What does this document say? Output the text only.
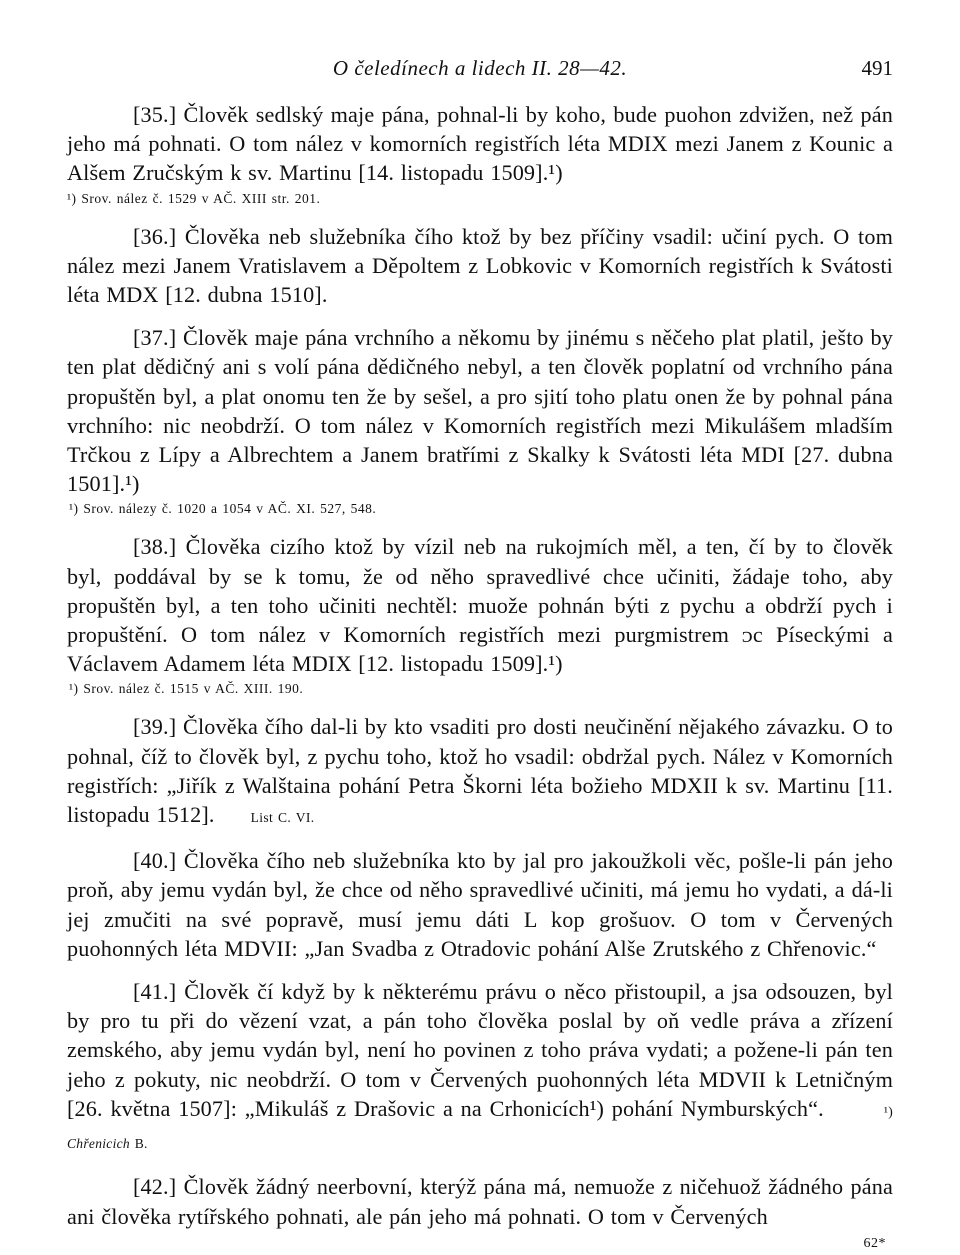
O čeledínech a lidech II. 28—42.	491

[35.] Člověk sedlský maje pána, pohnal-li by koho, bude puohon zdvižen, než pán jeho má pohnati. O tom nález v komorních registřích léta MDIX mezi Janem z Kounic a Alšem Zručským k sv. Martinu [14. listopadu 1509].¹)

¹) Srov. nález č. 1529 v AČ. XIII str. 201.

[36.] Člověka neb služebníka čího ktož by bez příčiny vsadil: učiní pych. O tom nález mezi Janem Vratislavem a Děpoltem z Lobkovic v Komorních registřích k Svátosti léta MDX [12. dubna 1510].

[37.] Člověk maje pána vrchního a někomu by jinému s něčeho plat platil, ješto by ten plat dědičný ani s volí pána dědičného nebyl, a ten člověk poplatní od vrchního pána propuštěn byl, a plat onomu ten že by sešel, a pro sjití toho platu onen že by pohnal pána vrchního: nic neobdrží. O tom nález v Komorních registřích mezi Mikulášem mladším Trčkou z Lípy a Albrechtem a Janem bratřími z Skalky k Svátosti léta MDI [27. dubna 1501].¹)

¹) Srov. nálezy č. 1020 a 1054 v AČ. XI. 527, 548.

[38.] Člověka cizího ktož by vízil neb na rukojmích měl, a ten, čí by to člověk byl, poddával by se k tomu, že od něho spravedlivé chce učiniti, žádaje toho, aby propuštěn byl, a ten toho učiniti nechtěl: muože pohnán býti z pychu a obdrží pych i propuštění. O tom nález v Komorních registřích mezi purgmistrem ᴐc Píseckými a Václavem Adamem léta MDIX [12. listopadu 1509].¹)

¹) Srov. nález č. 1515 v AČ. XIII. 190.

[39.] Člověka čího dal-li by kto vsaditi pro dosti neučinění nějakého závazku. O to pohnal, číž to člověk byl, z pychu toho, ktož ho vsadil: obdržal pych. Nález v Komorních registřích: „Jiřík z Walštaina pohání Petra Škorni léta božieho MDXII k sv. Martinu [11. listopadu 1512].	List C. VI.

[40.] Člověka čího neb služebníka kto by jal pro jakoužkoli věc, pošle-li pán jeho proň, aby jemu vydán byl, že chce od něho spravedlivé učiniti, má jemu ho vydati, a dá-li jej zmučiti na své popravě, musí jemu dáti L kop grošuov. O tom v Červených puohonných léta MDVII: „Jan Svadba z Otradovic pohání Alše Zrutského z Chřenovic.“

[41.] Člověk čí když by k některému právu o něco přistoupil, a jsa odsouzen, byl by pro tu při do vězení vzat, a pán toho člověka poslal by oň vedle práva a zřízení zemského, aby jemu vydán byl, není ho povinen z toho práva vydati; a požene-li pán ten jeho z pokuty, nic neobdrží. O tom v Červených puohonných léta MDVII k Letničným [26. května 1507]: „Mikuláš z Drašovic a na Crhonicích¹) pohání Nymburských“.	¹) Chřenicich B.

[42.] Člověk žádný neerbovní, kterýž pána má, nemuože z ničehuož žádného pána ani člověka rytířského pohnati, ale pán jeho má pohnati. O tom v Červených

62*
